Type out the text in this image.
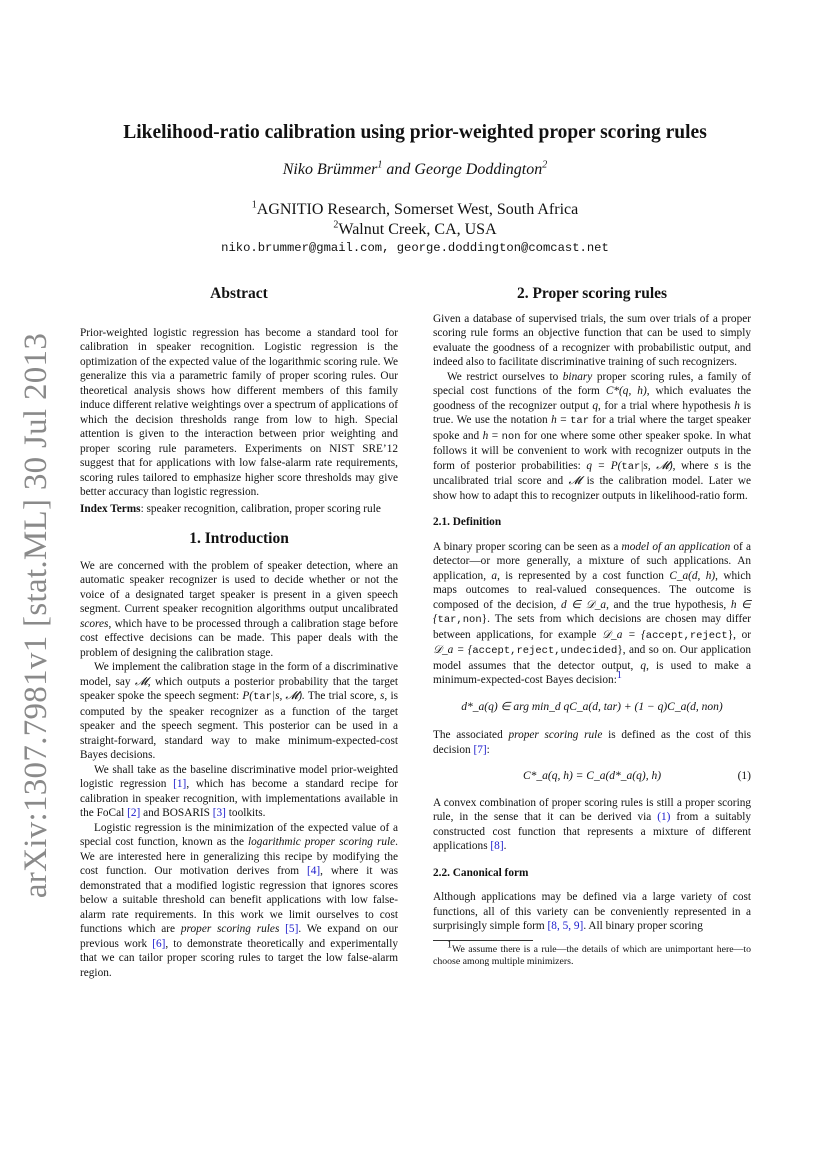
arXiv:1307.7981v1 [stat.ML] 30 Jul 2013
Likelihood-ratio calibration using prior-weighted proper scoring rules
Niko Brümmer$^1$ and George Doddington$^2$
$^1$AGNITIO Research, Somerset West, South Africa
$^2$Walnut Creek, CA, USA
niko.brummer@gmail.com, george.doddington@comcast.net
Abstract

Prior-weighted logistic regression has become a standard tool for calibration in speaker recognition. Logistic regression is the optimization of the expected value of the logarithmic scoring rule. We generalize this via a parametric family of proper scoring rules. Our theoretical analysis shows how different members of this family induce different relative weightings over a spectrum of applications of which the decision thresholds range from low to high. Special attention is given to the interaction between prior weighting and proper scoring rule parameters. Experiments on NIST SRE’12 suggest that for applications with low false-alarm rate requirements, scoring rules tailored to emphasize higher score thresholds may give better accuracy than logistic regression.

Index Terms: speaker recognition, calibration, proper scoring rule

1. Introduction

We are concerned with the problem of speaker detection, where an automatic speaker recognizer is used to decide whether or not the voice of a designated target speaker is present in a given speech segment. Current speaker recognition algorithms output uncalibrated scores, which have to be processed through a calibration stage before cost effective decisions can be made. This paper deals with the problem of designing the calibration stage.

We implement the calibration stage in the form of a discriminative model, say 𝓜, which outputs a posterior probability that the target speaker spoke the speech segment: P(tar|s, 𝓜). The trial score, s, is computed by the speaker recognizer as a function of the target speaker and the speech segment. This posterior can be used in a straight-forward, standard way to make minimum-expected-cost Bayes decisions.

We shall take as the baseline discriminative model prior-weighted logistic regression [1], which has become a standard recipe for calibration in speaker recognition, with implementations available in the FoCal [2] and BOSARIS [3] toolkits.

Logistic regression is the minimization of the expected value of a special cost function, known as the logarithmic proper scoring rule. We are interested here in generalizing this recipe by modifying the cost function. Our motivation derives from [4], where it was demonstrated that a modified logistic regression that ignores scores below a suitable threshold can benefit applications with low false-alarm rate requirements. In this work we limit ourselves to cost functions which are proper scoring rules [5]. We expand on our previous work [6], to demonstrate theoretically and experimentally that we can tailor proper scoring rules to target the low false-alarm region.

2. Proper scoring rules

Given a database of supervised trials, the sum over trials of a proper scoring rule forms an objective function that can be used to simply evaluate the goodness of a recognizer with probabilistic output, and indeed also to facilitate discriminative training of such recognizers.

We restrict ourselves to binary proper scoring rules, a family of special cost functions of the form C*(q, h), which evaluates the goodness of the recognizer output q, for a trial where hypothesis h is true. We use the notation h = tar for a trial where the target speaker spoke and h = non for one where some other speaker spoke. In what follows it will be convenient to work with recognizer outputs in the form of posterior probabilities: q = P(tar|s, 𝓜), where s is the uncalibrated trial score and 𝓜 is the calibration model. Later we show how to adapt this to recognizer outputs in likelihood-ratio form.

2.1. Definition

A binary proper scoring can be seen as a model of an application of a detector—or more generally, a mixture of such applications. An application, a, is represented by a cost function C_a(d, h), which maps outcomes to real-valued consequences. The outcome is composed of the decision, d ∈ 𝒟_a, and the true hypothesis, h ∈ {tar,non}. The sets from which decisions are chosen may differ between applications, for example 𝒟_a = {accept,reject}, or 𝒟_a = {accept,reject,undecided}, and so on. Our application model assumes that the detector output, q, is used to make a minimum-expected-cost Bayes decision:$^1$

d*_a(q) ∈ arg min_d qC_a(d, tar) + (1 − q)C_a(d, non)

The associated proper scoring rule is defined as the cost of this decision [7]:

C*_a(q, h) = C_a(d*_a(q), h)	(1)

A convex combination of proper scoring rules is still a proper scoring rule, in the sense that it can be derived via (1) from a suitably constructed cost function that represents a mixture of different applications [8].

2.2. Canonical form

Although applications may be defined via a large variety of cost functions, all of this variety can be conveniently represented in a surprisingly simple form [8, 5, 9]. All binary proper scoring

$^1$We assume there is a rule—the details of which are unimportant here—to choose among multiple minimizers.
